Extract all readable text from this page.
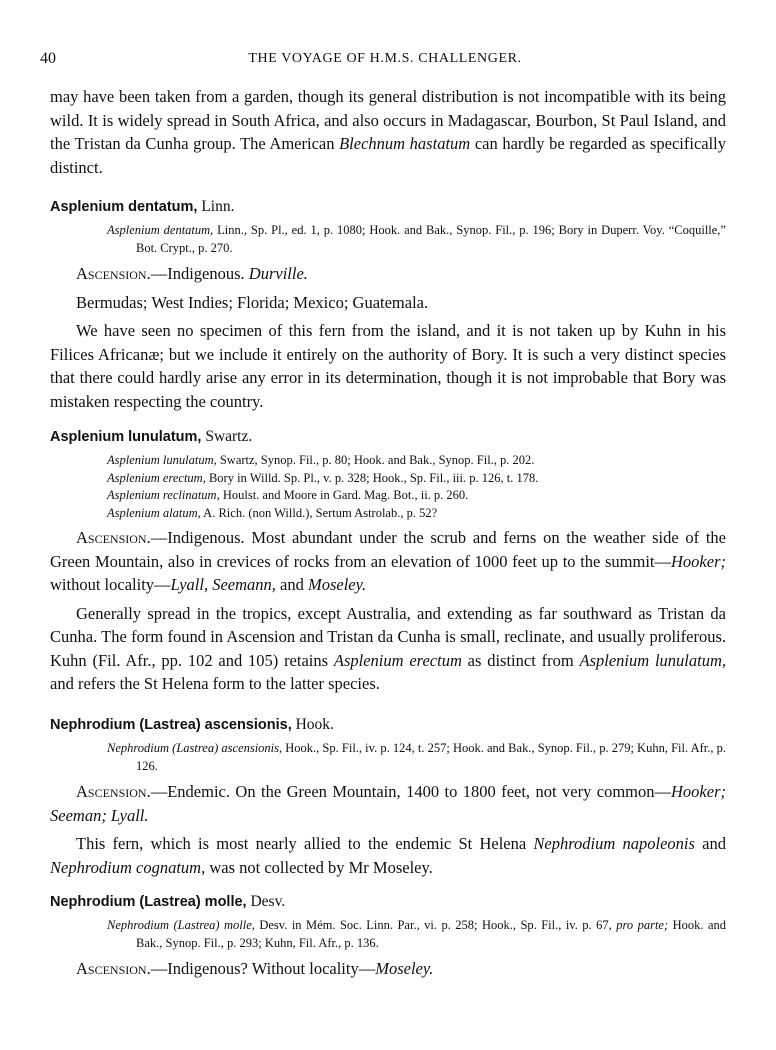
40	THE VOYAGE OF H.M.S. CHALLENGER.

may have been taken from a garden, though its general distribution is not incompatible with its being wild. It is widely spread in South Africa, and also occurs in Madagascar, Bourbon, St Paul Island, and the Tristan da Cunha group. The American Blechnum hastatum can hardly be regarded as specifically distinct.

Asplenium dentatum, Linn.

Asplenium dentatum, Linn., Sp. Pl., ed. 1, p. 1080; Hook. and Bak., Synop. Fil., p. 196; Bory in Duperr. Voy. “Coquille,” Bot. Crypt., p. 270.

Ascension.—Indigenous. Durville.

Bermudas; West Indies; Florida; Mexico; Guatemala.

We have seen no specimen of this fern from the island, and it is not taken up by Kuhn in his Filices Africanæ; but we include it entirely on the authority of Bory. It is such a very distinct species that there could hardly arise any error in its determination, though it is not improbable that Bory was mistaken respecting the country.

Asplenium lunulatum, Swartz.

Asplenium lunulatum, Swartz, Synop. Fil., p. 80; Hook. and Bak., Synop. Fil., p. 202.

Asplenium erectum, Bory in Willd. Sp. Pl., v. p. 328; Hook., Sp. Fil., iii. p. 126, t. 178.

Asplenium reclinatum, Houlst. and Moore in Gard. Mag. Bot., ii. p. 260.

Asplenium alatum, A. Rich. (non Willd.), Sertum Astrolab., p. 52?

Ascension.—Indigenous. Most abundant under the scrub and ferns on the weather side of the Green Mountain, also in crevices of rocks from an elevation of 1000 feet up to the summit—Hooker; without locality—Lyall, Seemann, and Moseley.

Generally spread in the tropics, except Australia, and extending as far southward as Tristan da Cunha. The form found in Ascension and Tristan da Cunha is small, reclinate, and usually proliferous. Kuhn (Fil. Afr., pp. 102 and 105) retains Asplenium erectum as distinct from Asplenium lunulatum, and refers the St Helena form to the latter species.

Nephrodium (Lastrea) ascensionis, Hook.

Nephrodium (Lastrea) ascensionis, Hook., Sp. Fil., iv. p. 124, t. 257; Hook. and Bak., Synop. Fil., p. 279; Kuhn, Fil. Afr., p. 126.

Ascension.—Endemic. On the Green Mountain, 1400 to 1800 feet, not very common—Hooker; Seeman; Lyall.

This fern, which is most nearly allied to the endemic St Helena Nephrodium napoleonis and Nephrodium cognatum, was not collected by Mr Moseley.

Nephrodium (Lastrea) molle, Desv.

Nephrodium (Lastrea) molle, Desv. in Mém. Soc. Linn. Par., vi. p. 258; Hook., Sp. Fil., iv. p. 67, pro parte; Hook. and Bak., Synop. Fil., p. 293; Kuhn, Fil. Afr., p. 136.

Ascension.—Indigenous? Without locality—Moseley.
